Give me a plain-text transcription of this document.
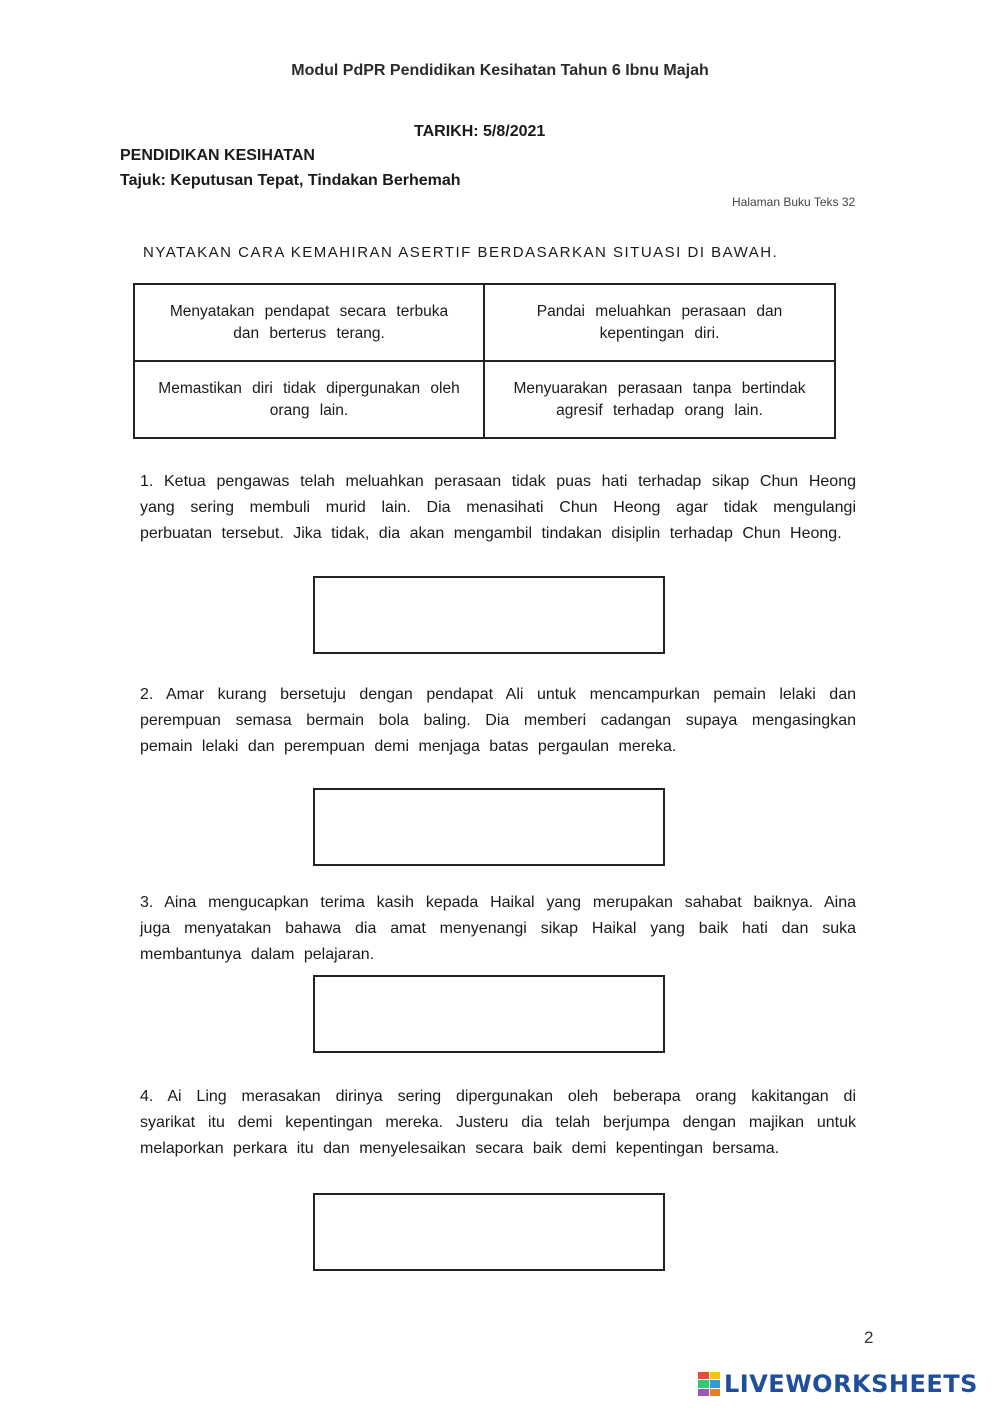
Modul PdPR Pendidikan Kesihatan Tahun 6 Ibnu Majah
TARIKH: 5/8/2021
PENDIDIKAN KESIHATAN
Tajuk: Keputusan Tepat, Tindakan Berhemah
Halaman Buku Teks 32
NYATAKAN CARA KEMAHIRAN ASERTIF BERDASARKAN SITUASI DI BAWAH.
Menyatakan pendapat secara terbuka dan berterus terang.
Pandai meluahkan perasaan dan kepentingan diri.
Memastikan diri tidak dipergunakan oleh orang lain.
Menyuarakan perasaan tanpa bertindak agresif terhadap orang lain.
1. Ketua pengawas telah meluahkan perasaan tidak puas hati terhadap sikap Chun Heong yang sering membuli murid lain. Dia menasihati Chun Heong agar tidak mengulangi perbuatan tersebut. Jika tidak, dia akan mengambil tindakan disiplin terhadap Chun Heong.
2. Amar kurang bersetuju dengan pendapat Ali untuk mencampurkan pemain lelaki dan perempuan semasa bermain bola baling. Dia memberi cadangan supaya mengasingkan pemain lelaki dan perempuan demi menjaga batas pergaulan mereka.
3. Aina mengucapkan terima kasih kepada Haikal yang merupakan sahabat baiknya. Aina juga menyatakan bahawa dia amat menyenangi sikap Haikal yang baik hati dan suka membantunya dalam pelajaran.
4. Ai Ling merasakan dirinya sering dipergunakan oleh beberapa orang kakitangan di syarikat itu demi kepentingan mereka. Justeru dia telah berjumpa dengan majikan untuk melaporkan perkara itu dan menyelesaikan secara baik demi kepentingan bersama.
2
LIVEWORKSHEETS
